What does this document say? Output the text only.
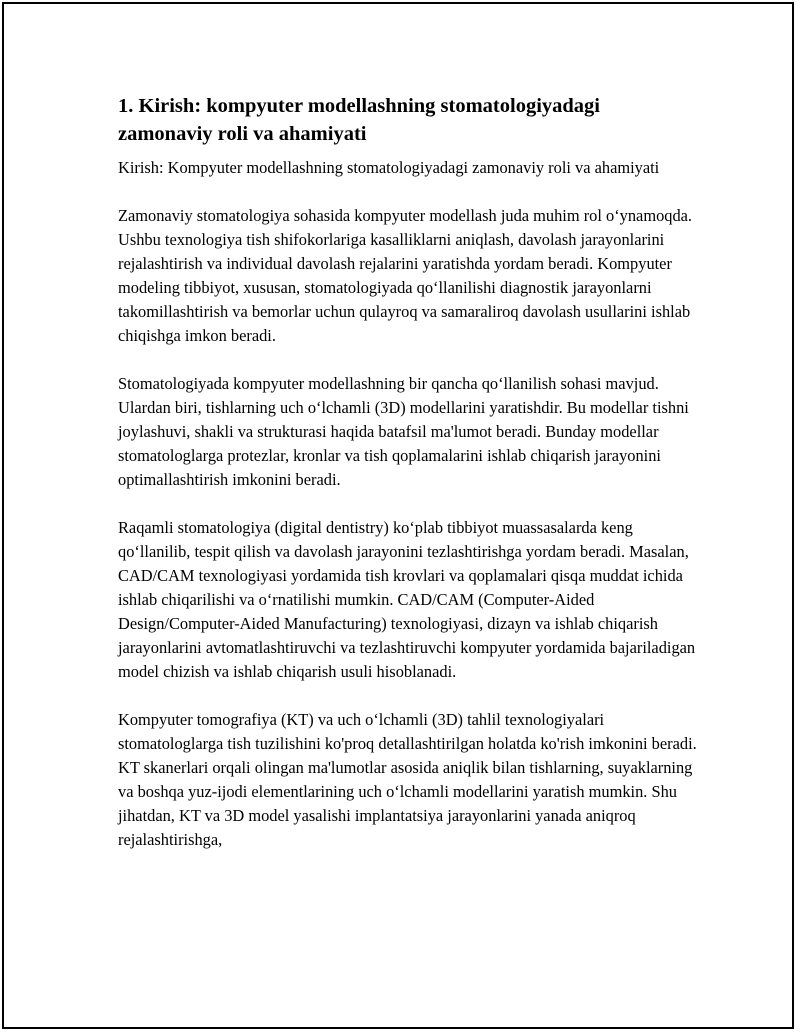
1. Kirish: kompyuter modellashning stomatologiyadagi zamonaviy roli va ahamiyati

Kirish: Kompyuter modellashning stomatologiyadagi zamonaviy roli va ahamiyati

Zamonaviy stomatologiya sohasida kompyuter modellash juda muhim rol o‘ynamoqda. Ushbu texnologiya tish shifokorlariga kasalliklarni aniqlash, davolash jarayonlarini rejalashtirish va individual davolash rejalarini yaratishda yordam beradi. Kompyuter modeling tibbiyot, xususan, stomatologiyada qo‘llanilishi diagnostik jarayonlarni takomillashtirish va bemorlar uchun qulayroq va samaraliroq davolash usullarini ishlab chiqishga imkon beradi.

Stomatologiyada kompyuter modellashning bir qancha qo‘llanilish sohasi mavjud. Ulardan biri, tishlarning uch o‘lchamli (3D) modellarini yaratishdir. Bu modellar tishni joylashuvi, shakli va strukturasi haqida batafsil ma'lumot beradi. Bunday modellar stomatologlarga protezlar, kronlar va tish qoplamalarini ishlab chiqarish jarayonini optimallashtirish imkonini beradi.

Raqamli stomatologiya (digital dentistry) ko‘plab tibbiyot muassasalarda keng qo‘llanilib, tespit qilish va davolash jarayonini tezlashtirishga yordam beradi. Masalan, CAD/CAM texnologiyasi yordamida tish krovlari va qoplamalari qisqa muddat ichida ishlab chiqarilishi va o‘rnatilishi mumkin. CAD/CAM (Computer-Aided Design/Computer-Aided Manufacturing) texnologiyasi, dizayn va ishlab chiqarish jarayonlarini avtomatlashtiruvchi va tezlashtiruvchi kompyuter yordamida bajariladigan model chizish va ishlab chiqarish usuli hisoblanadi.

Kompyuter tomografiya (KT) va uch o‘lchamli (3D) tahlil texnologiyalari stomatologlarga tish tuzilishini ko'proq detallashtirilgan holatda ko'rish imkonini beradi. KT skanerlari orqali olingan ma'lumotlar asosida aniqlik bilan tishlarning, suyaklarning va boshqa yuz-ijodi elementlarining uch o‘lchamli modellarini yaratish mumkin. Shu jihatdan, KT va 3D model yasalishi implantatsiya jarayonlarini yanada aniqroq rejalashtirishga,
